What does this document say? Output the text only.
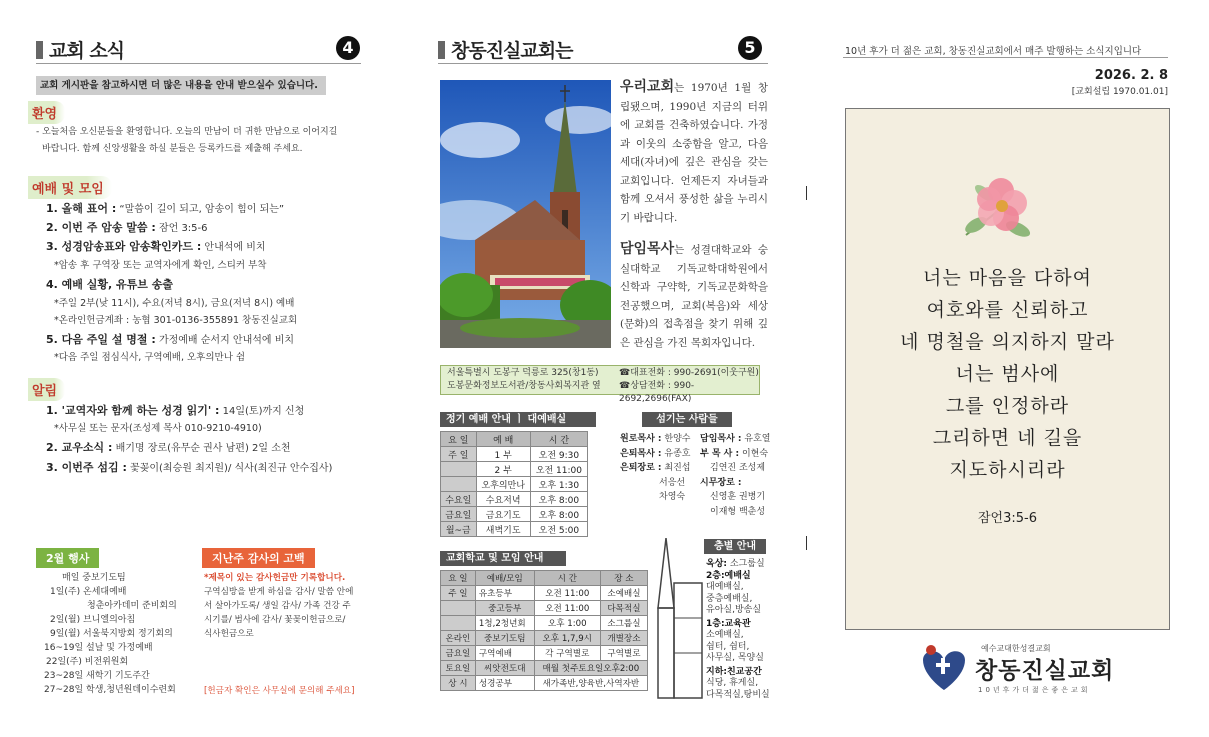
교회 소식	4
교회 게시판을 참고하시면 더 많은 내용을 안내 받으실수 있습니다.
환영
- 오늘처음 오신분들을 환영합니다. 오늘의 만남이 더 귀한 만남으로 이어지길
바랍니다. 함께 신앙생활을 하실 분들은 등록카드를 제출해 주세요.
예배 및 모임
1. 올해 표어 : “말씀이 길이 되고, 암송이 힘이 되는”
2. 이번 주 암송 말씀 : 잠언 3:5-6
3. 성경암송표와 암송확인카드 : 안내석에 비치
*암송 후 구역장 또는 교역자에게 확인, 스티커 부착
4. 예배 실황, 유튜브 송출
*주일 2부(낮 11시), 수요(저녁 8시), 금요(저녁 8시) 예배
*온라인헌금계좌 : 농협 301-0136-355891 창동진실교회
5. 다음 주일 설 명절 : 가정예배 순서지 안내석에 비치
*다음 주일 점심식사, 구역예배, 오후의만나 쉼
알림
1. '교역자와 함께 하는 성경 읽기' : 14일(토)까지 신청
*사무실 또는 문자(조성제 목사 010-9210-4910)
2. 교우소식 : 배기명 장로(유무순 권사 남편) 2일 소천
3. 이번주 섬김 : 꽃꽂이(최승원 최지원)/ 식사(최진규 안수집사)
2월 행사
매일 중보기도팀
1일(주) 온세대예배
청춘아카데미 준비회의
2일(월) 브니엘의아침
9일(월) 서울북지방회 정기회의
16~19일 설날 및 가정예배
22일(주) 비전위원회
23~28일 새학기 기도주간
27~28일 학생,청년원데이수련회
지난주 감사의 고백
*제목이 있는 감사헌금만 기록합니다.
구역심방을 받게 하심을 감사/ 말씀 안에
서 살아가도록/ 생일 감사/ 가족 건강 주
시기를/ 범사에 감사/ 꽃꽂이헌금으로/
식사헌금으로
[헌금자 확인은 사무실에 문의해 주세요]
창동진실교회는	5
우리교회는 1970년 1월 창립됐으며, 1990년 지금의 터위에 교회를 건축하였습니다. 가정과 이웃의 소중함을 알고, 다음세대(자녀)에 깊은 관심을 갖는 교회입니다. 언제든지 자녀들과 함께 오셔서 풍성한 삶을 누리시기 바랍니다.
담임목사는 성결대학교와 숭실대학교 기독교학대학원에서 신학과 구약학, 기독교문화학을 전공했으며, 교회(복음)와 세상(문화)의 접촉점을 찾기 위해 깊은 관심을 가진 목회자입니다.
서울특별시 도봉구 덕릉로 325(창1동)
도봉문화정보도서관/창동사회복지관 옆
☎대표전화 : 990-2691(이웃구원)
☎상담전화 : 990-2692,2696(FAX)
정기 예배 안내 ㅣ 대예배실
요 일	예 배	시 간
주 일	1 부	오전 9:30
	2 부	오전 11:00
	오후의만나	오후 1:30
수요일	수요저녁	오후 8:00
금요일	금요기도	오후 8:00
월~금	새벽기도	오전 5:00
섬기는 사람들
원로목사 : 한양수
은퇴목사 : 유종호
은퇴장로 : 최진섭
서응선
차영숙
담임목사 : 유호열
부 목 사 : 이현숙
김연진 조성제
시무장로 :
신영훈 권병기
이재형 백춘성
교회학교 및 모임 안내
요 일	예배/모임	시 간	장 소
주 일	유초등부	오전 11:00	소예배실
	중고등부	오전 11:00	다목적실
	1청,2청년회	오후 1:00	소그룹실
온라인	중보기도팀	오후 1,7,9시	개별장소
금요일	구역예배	각 구역별로	구역별로
토요일	씨앗전도대	매월 첫주토요일오후2:00	
상 시	성경공부	새가족반,양육반,사역자반	
층별 안내
옥상: 소그룹실
2층:예배실
대예배실,
중층예배실,
유아실,방송실
1층:교육관
소예배실,
쉼터, 쉼터,
사무실, 목양실
지하:친교공간
식당, 휴게실,
다목적실,탕비실
10년 후가 더 젊은 교회, 창동진실교회에서 매주 발행하는 소식지입니다
2026. 2. 8
[교회설립 1970.01.01]
너는 마음을 다하여
여호와를 신뢰하고
네 명철을 의지하지 말라
너는 범사에
그를 인정하라
그리하면 네 길을
지도하시리라
잠언3:5-6
예수교대한성결교회
창동진실교회
10년후가더젊은좋은교회
